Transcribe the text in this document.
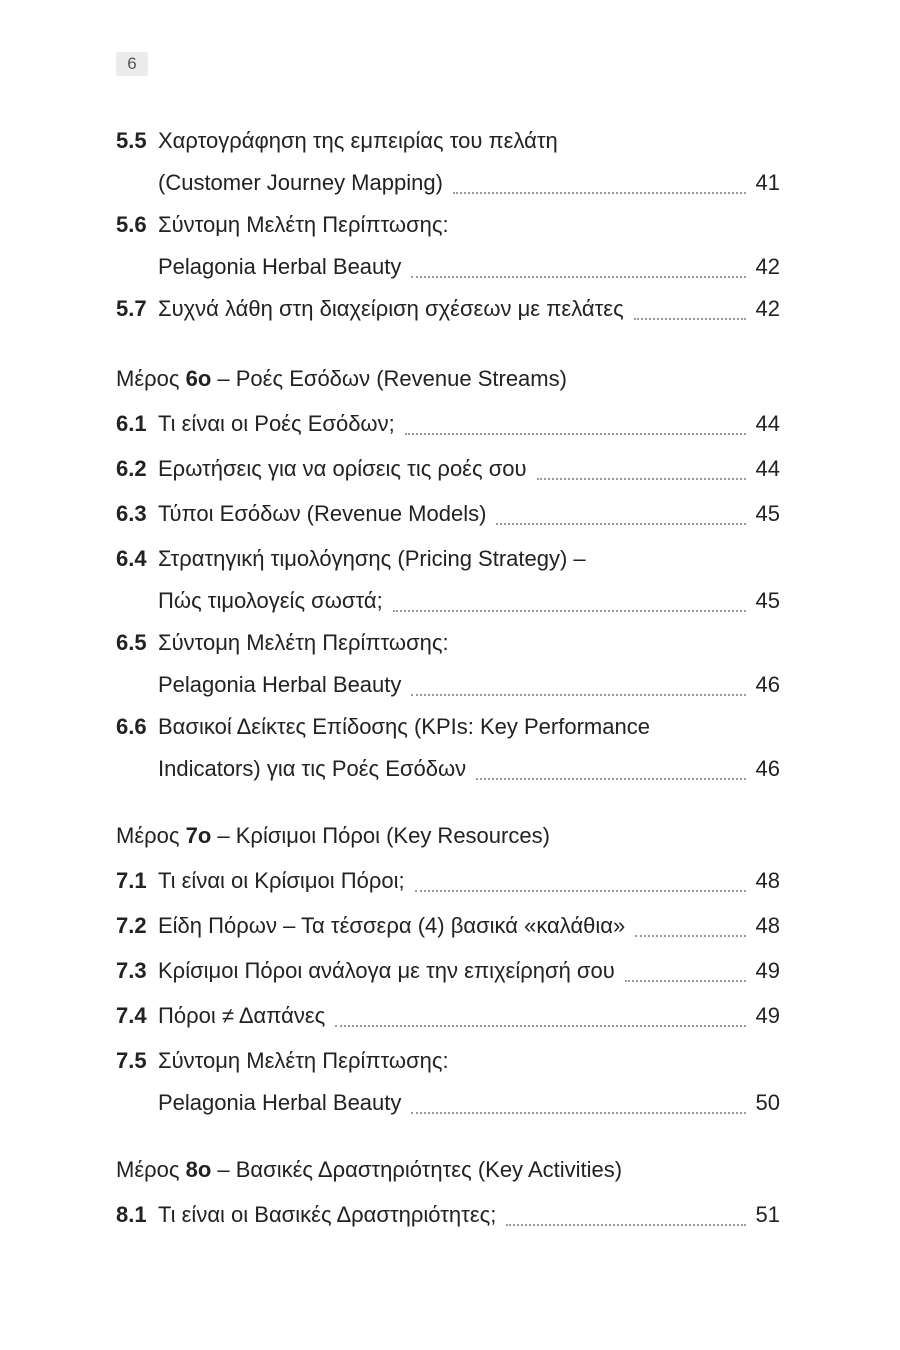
6
5.5 Χαρτογράφηση της εμπειρίας του πελάτη
(Customer Journey Mapping)	41
5.6 Σύντομη Μελέτη Περίπτωσης:
Pelagonia Herbal Beauty	42
5.7 Συχνά λάθη στη διαχείριση σχέσεων με πελάτες	42
Μέρος 6ο – Ροές Εσόδων (Revenue Streams)
6.1 Τι είναι οι Ροές Εσόδων;	44
6.2 Ερωτήσεις για να ορίσεις τις ροές σου	44
6.3 Τύποι Εσόδων (Revenue Models)	45
6.4 Στρατηγική τιμολόγησης (Pricing Strategy) –
Πώς τιμολογείς σωστά;	45
6.5 Σύντομη Μελέτη Περίπτωσης:
Pelagonia Herbal Beauty	46
6.6 Βασικοί Δείκτες Επίδοσης (KPIs: Key Performance
Indicators) για τις Ροές Εσόδων	46
Μέρος 7ο – Κρίσιμοι Πόροι (Key Resources)
7.1 Τι είναι οι Κρίσιμοι Πόροι;	48
7.2 Είδη Πόρων – Τα τέσσερα (4) βασικά «καλάθια»	48
7.3 Κρίσιμοι Πόροι ανάλογα με την επιχείρησή σου	49
7.4 Πόροι ≠ Δαπάνες	49
7.5 Σύντομη Μελέτη Περίπτωσης:
Pelagonia Herbal Beauty	50
Μέρος 8ο – Βασικές Δραστηριότητες (Key Activities)
8.1 Τι είναι οι Βασικές Δραστηριότητες;	51
